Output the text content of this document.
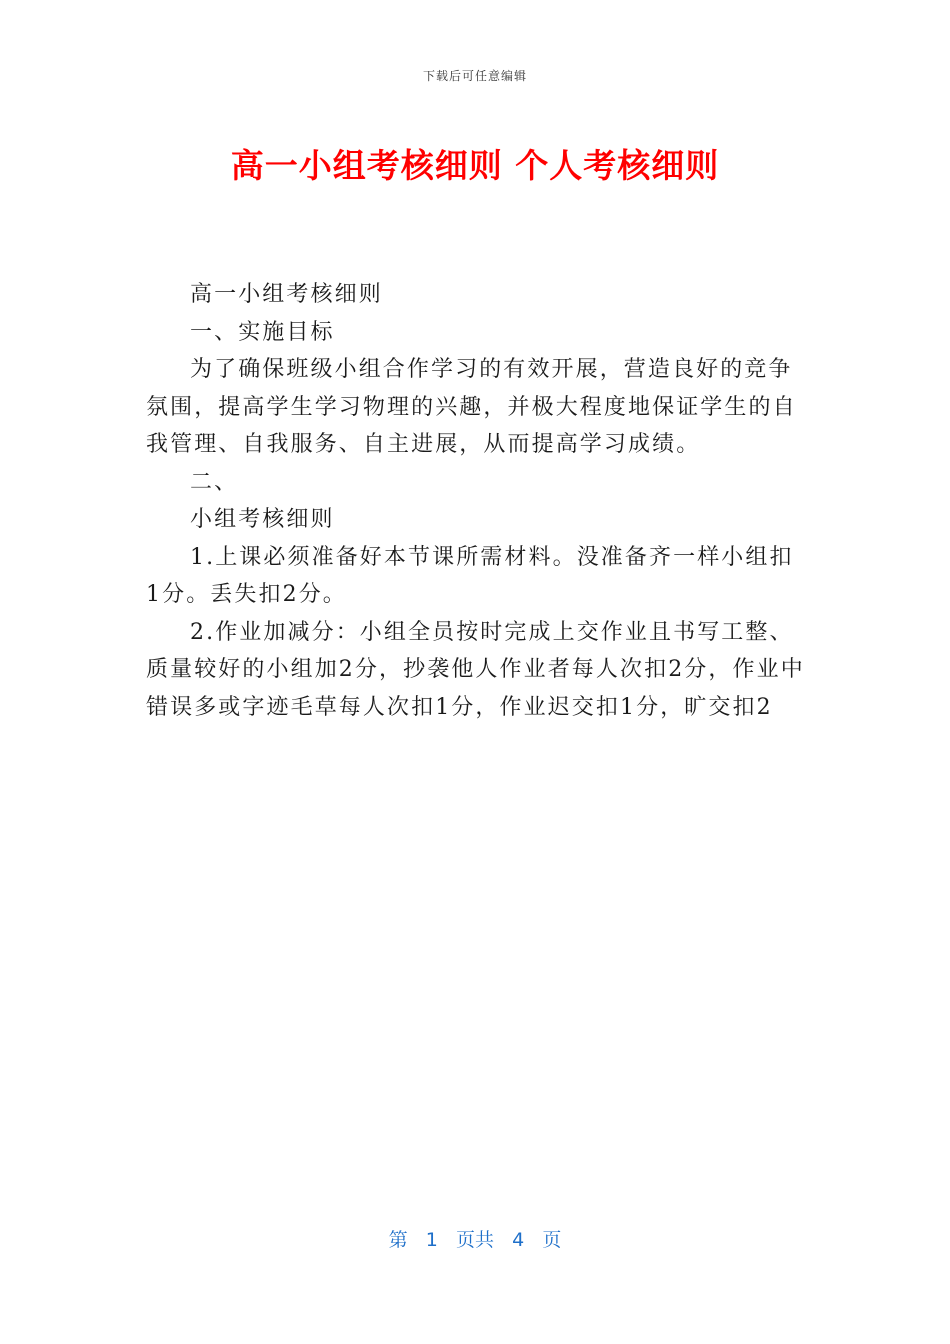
下载后可任意编辑
高一小组考核细则 个人考核细则

高一小组考核细则

一、实施目标

为了确保班级小组合作学习的有效开展，营造良好的竞争氛围，提高学生学习物理的兴趣，并极大程度地保证学生的自我管理、自我服务、自主进展，从而提高学习成绩。

二、

小组考核细则

1.上课必须准备好本节课所需材料。没准备齐一样小组扣1分。丢失扣2分。

2.作业加减分：小组全员按时完成上交作业且书写工整、质量较好的小组加2分，抄袭他人作业者每人次扣2分，作业中错误多或字迹毛草每人次扣1分，作业迟交扣1分，旷交扣2

第 1 页共 4 页
